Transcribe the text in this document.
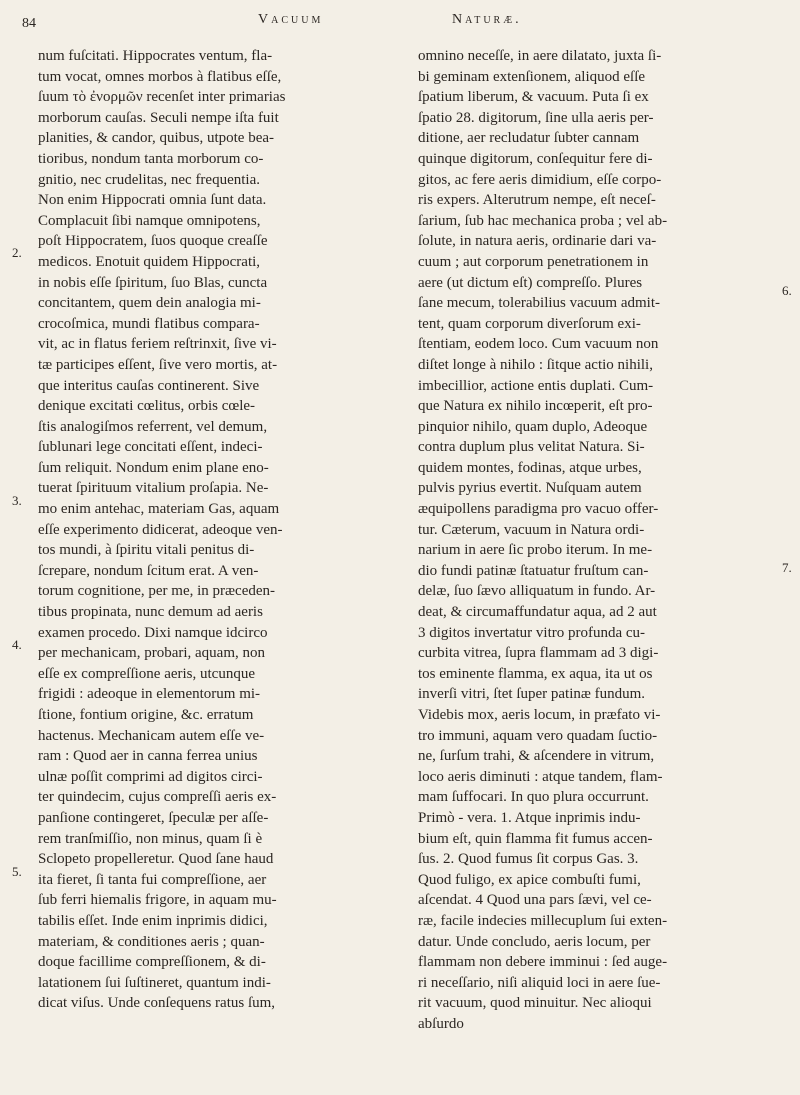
84	Vacuum	Naturæ.
2.
3.
4.
5.
6.
7.
num fuſcitati. Hippocrates ventum, fla-
tum vocat, omnes morbos à flatibus eſſe,
ſuum τὸ ἐνορμῶν recenſet inter primarias
morborum cauſas. Seculi nempe iſta fuit
planities, & candor, quibus, utpote bea-
tioribus, nondum tanta morborum co-
gnitio, nec crudelitas, nec frequentia.
Non enim Hippocrati omnia ſunt data.
Complacuit ſibi namque omnipotens,
poſt Hippocratem, ſuos quoque creaſſe
medicos. Enotuit quidem Hippocrati,
in nobis eſſe ſpiritum, ſuo Blas, cuncta
concitantem, quem dein analogia mi-
crocoſmica, mundi flatibus compara-
vit, ac in flatus feriem reſtrinxit, ſive vi-
tæ participes eſſent, ſive vero mortis, at-
que interitus cauſas continerent. Sive
denique excitati cœlitus, orbis cœle-
ſtis analogiſmos referrent, vel demum,
ſublunari lege concitati eſſent, indeci-
ſum reliquit. Nondum enim plane eno-
tuerat ſpirituum vitalium proſapia. Ne-
mo enim antehac, materiam Gas, aquam
eſſe experimento didicerat, adeoque ven-
tos mundi, à ſpiritu vitali penitus di-
ſcrepare, nondum ſcitum erat. A ven-
torum cognitione, per me, in præceden-
tibus propinata, nunc demum ad aeris
examen procedo. Dixi namque idcirco
per mechanicam, probari, aquam, non
eſſe ex compreſſione aeris, utcunque
frigidi : adeoque in elementorum mi-
ſtione, fontium origine, &c. erratum
hactenus. Mechanicam autem eſſe ve-
ram : Quod aer in canna ferrea unius
ulnæ poſſit comprimi ad digitos circi-
ter quindecim, cujus compreſſi aeris ex-
panſione contingeret, ſpeculæ per aſſe-
rem tranſmiſſio, non minus, quam ſi è
Sclopeto propelleretur. Quod ſane haud
ita fieret, ſi tanta fui compreſſione, aer
ſub ferri hiemalis frigore, in aquam mu-
tabilis eſſet. Inde enim inprimis didici,
materiam, & conditiones aeris ; quan-
doque facillime compreſſionem, & di-
latationem ſui ſuſtineret, quantum indi-
dicat viſus. Unde conſequens ratus ſum,
omnino neceſſe, in aere dilatato, juxta ſi-
bi geminam extenſionem, aliquod eſſe
ſpatium liberum, & vacuum. Puta ſi ex
ſpatio 28. digitorum, ſine ulla aeris per-
ditione, aer recludatur ſubter cannam
quinque digitorum, conſequitur fere di-
gitos, ac fere aeris dimidium, eſſe corpo-
ris expers. Alterutrum nempe, eſt neceſ-
ſarium, ſub hac mechanica proba ; vel ab-
ſolute, in natura aeris, ordinarie dari va-
cuum ; aut corporum penetrationem in
aere (ut dictum eſt) compreſſo. Plures
ſane mecum, tolerabilius vacuum admit-
tent, quam corporum diverſorum exi-
ſtentiam, eodem loco. Cum vacuum non
diſtet longe à nihilo : ſitque actio nihili,
imbecillior, actione entis duplati. Cum-
que Natura ex nihilo incœperit, eſt pro-
pinquior nihilo, quam duplo, Adeoque
contra duplum plus velitat Natura. Si-
quidem montes, fodinas, atque urbes,
pulvis pyrius evertit. Nuſquam autem
æquipollens paradigma pro vacuo offer-
tur. Cæterum, vacuum in Natura ordi-
narium in aere ſic probo iterum. In me-
dio fundi patinæ ſtatuatur fruſtum can-
delæ, ſuo ſævo alliquatum in fundo. Ar-
deat, & circumaffundatur aqua, ad 2 aut
3 digitos invertatur vitro profunda cu-
curbita vitrea, ſupra flammam ad 3 digi-
tos eminente flamma, ex aqua, ita ut os
inverſi vitri, ſtet ſuper patinæ fundum.
Videbis mox, aeris locum, in præfato vi-
tro immuni, aquam vero quadam ſuctio-
ne, ſurſum trahi, & aſcendere in vitrum,
loco aeris diminuti : atque tandem, flam-
mam ſuffocari. In quo plura occurrunt.
Primò - vera. 1. Atque inprimis indu-
bium eſt, quin flamma fit fumus accen-
ſus. 2. Quod fumus ſit corpus Gas. 3.
Quod fuligo, ex apice combuſti fumi,
aſcendat. 4 Quod una pars ſævi, vel ce-
ræ, facile indecies millecuplum ſui exten-
datur. Unde concludo, aeris locum, per
flammam non debere imminui : ſed auge-
ri neceſſario, niſi aliquid loci in aere ſue-
rit vacuum, quod minuitur. Nec alioqui
abſurdo
